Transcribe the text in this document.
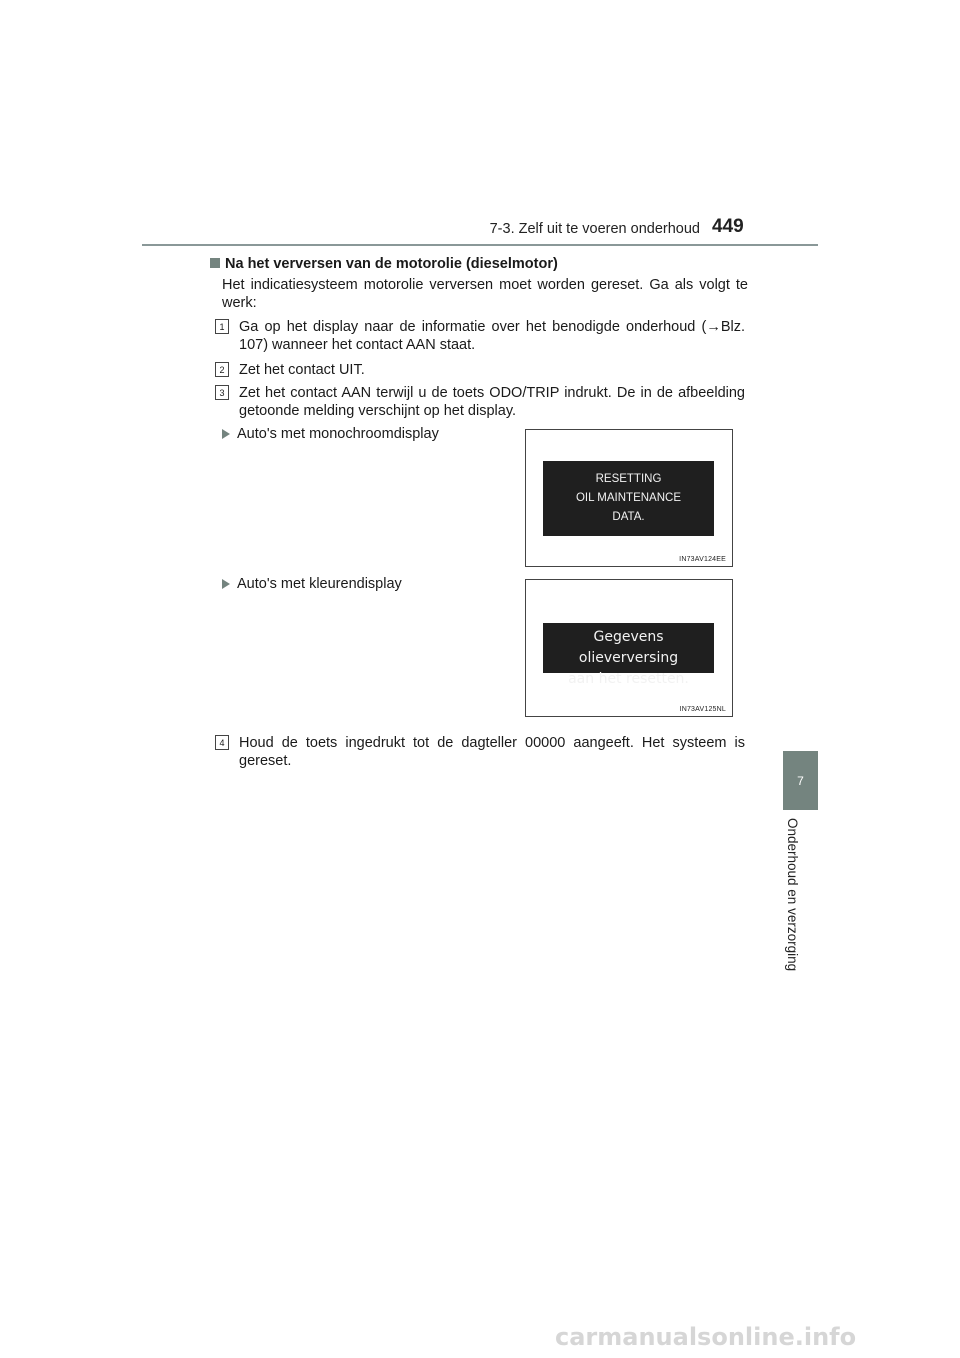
7-3. Zelf uit te voeren onderhoud 449
7
Onderhoud en verzorging
Na het verversen van de motorolie (dieselmotor)
Het indicatiesysteem motorolie verversen moet worden gereset. Ga als volgt te werk:
1	Ga op het display naar de informatie over het benodigde onderhoud (→Blz. 107) wanneer het contact AAN staat.
2	Zet het contact UIT.
3	Zet het contact AAN terwijl u de toets ODO/TRIP indrukt. De in de afbeelding getoonde melding verschijnt op het display.
Auto's met monochroomdisplay
RESETTING
OIL MAINTENANCE
DATA.
IN73AV124EE
Auto's met kleurendisplay
Gegevens olieverversing
aan het resetten.
IN73AV125NL
4	Houd de toets ingedrukt tot de dagteller 00000 aangeeft. Het systeem is gereset.
carmanualsonline.info
